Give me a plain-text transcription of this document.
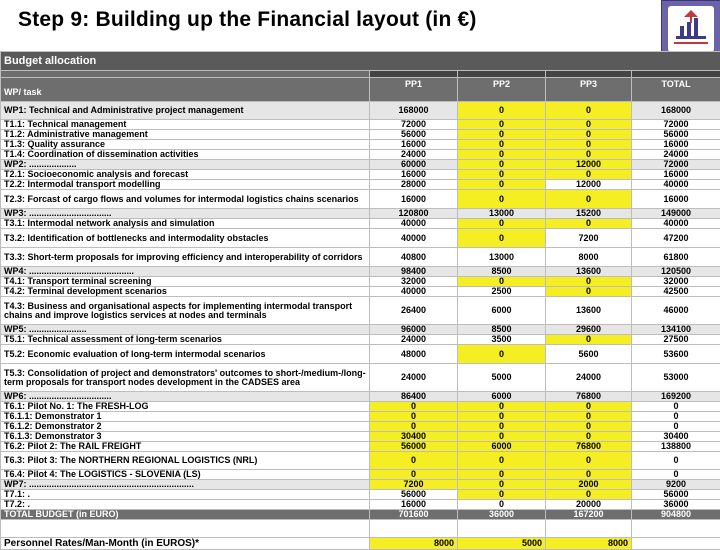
Step 9: Building up the Financial layout (in €)
Budget allocation				

WP/ task	PP1	PP2	PP3	TOTAL
WP1: Technical and Administrative project management	168000	0	0	168000
T1.1: Technical management	72000	0	0	72000
T1.2: Administrative management	56000	0	0	56000
T1.3: Quality assurance	16000	0	0	16000
T1.4: Coordination of dissemination activities	24000	0	0	24000
WP2: ...................	60000	0	12000	72000
T2.1: Socioeconomic analysis and forecast	16000	0	0	16000
T2.2: Intermodal transport modelling	28000	0	12000	40000
T2.3: Forcast of cargo flows and volumes for intermodal logistics chains scenarios	16000	0	0	16000
WP3: .................................	120800	13000	15200	149000
T3.1: Intermodal network analysis and simulation	40000	0	0	40000
T3.2: Identification of bottlenecks and intermodality obstacles	40000	0	7200	47200
T3.3: Short-term proposals for improving efficiency and interoperability of corridors	40800	13000	8000	61800
WP4: ..........................................	98400	8500	13600	120500
T4.1: Transport terminal screening	32000	0	0	32000
T4.2: Terminal development scenarios	40000	2500	0	42500
T4.3: Business and organisational aspects for implementing intermodal transport chains and improve logistics services at nodes and terminals	26400	6000	13600	46000
WP5: .......................	96000	8500	29600	134100
T5.1: Technical assessment of long-term scenarios	24000	3500	0	27500
T5.2: Economic evaluation of long-term intermodal scenarios	48000	0	5600	53600
T5.3: Consolidation of project and demonstrators' outcomes to short-/medium-/long-term proposals for transport nodes development in the CADSES area	24000	5000	24000	53000
WP6: .................................	86400	6000	76800	169200
T6.1: Pilot No. 1: The FRESH-LOG	0	0	0	0
T6.1.1: Demonstrator 1	0	0	0	0
T6.1.2: Demonstrator 2	0	0	0	0
T6.1.3: Demonstrator 3	30400	0	0	30400
T6.2: Pilot 2: The RAIL FREIGHT	56000	6000	76800	138800
T6.3: Pilot 3: The NORTHERN REGIONAL LOGISTICS (NRL)	0	0	0	0
T6.4: Pilot 4: The LOGISTICS - SLOVENIA (LS)	0	0	0	0
WP7: ..................................................................	7200	0	2000	9200
T7.1: .	56000	0	0	56000
T7.2: .	16000	0	20000	36000
TOTAL BUDGET (in EURO)	701600	36000	167200	904800

Personnel Rates/Man-Month (in EUROS)*	8000	5000	8000	
